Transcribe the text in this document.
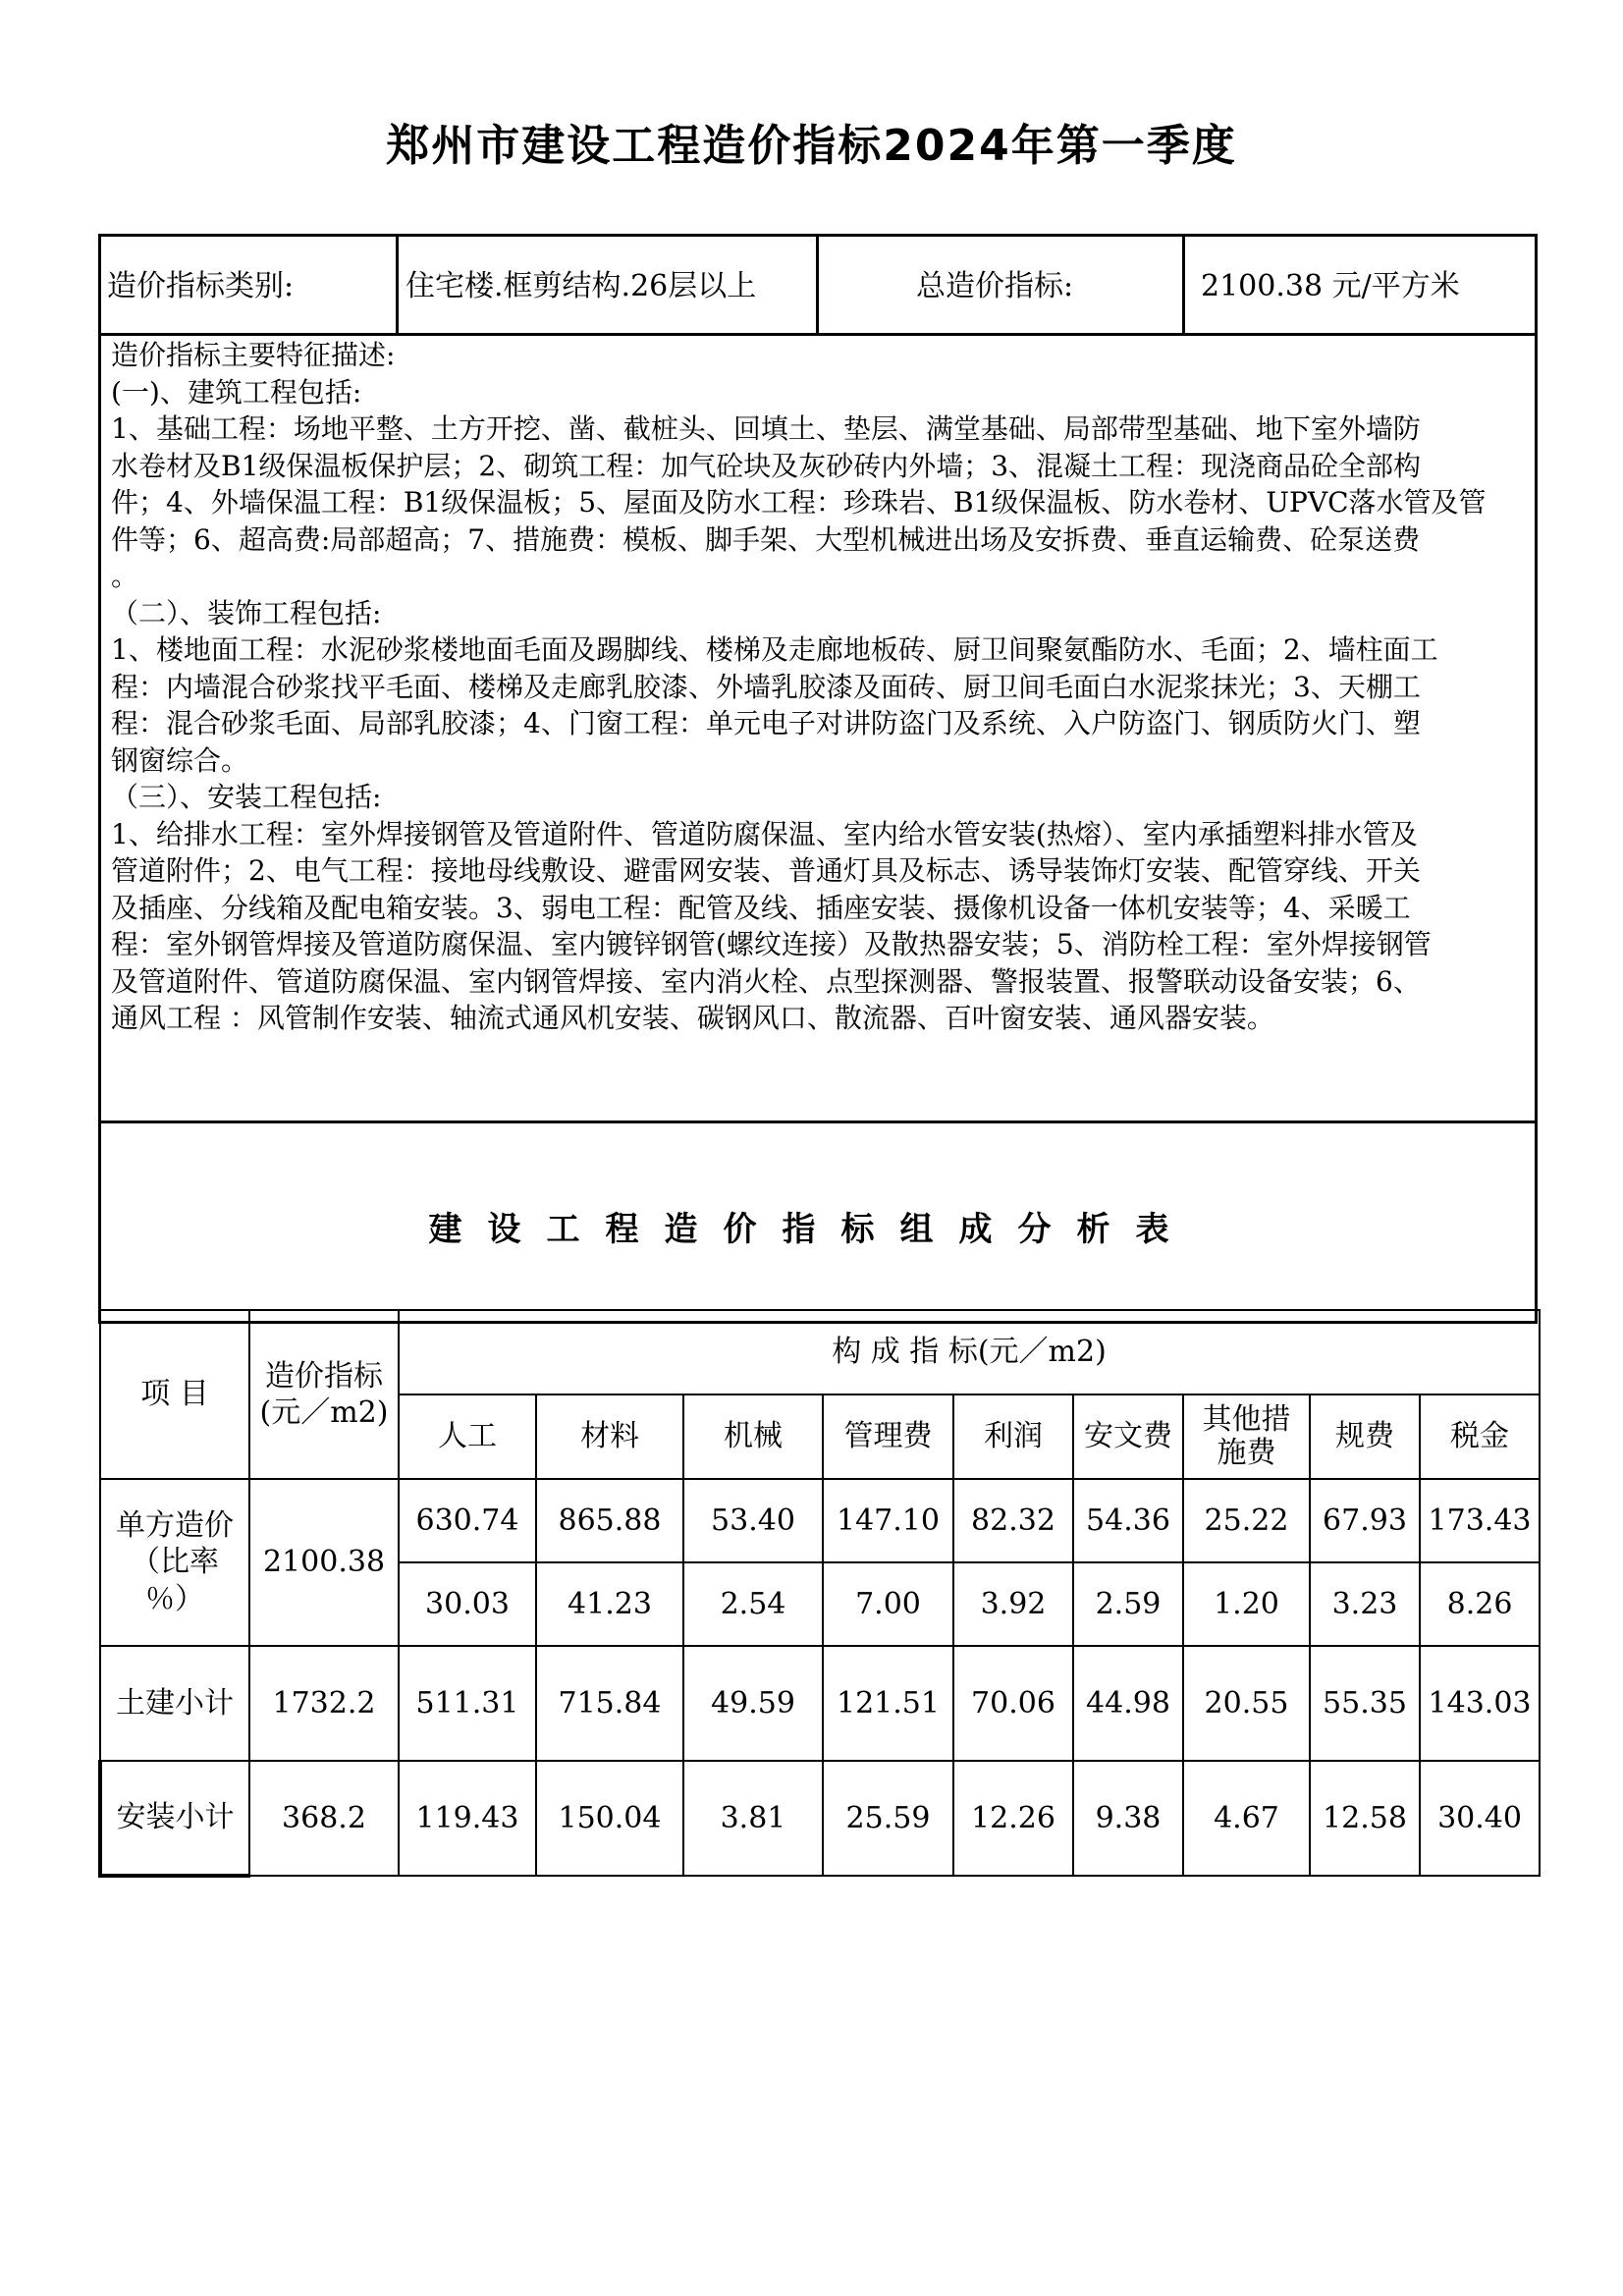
郑州市建设工程造价指标2024年第一季度
造价指标类别:	住宅楼.框剪结构.26层以上	总造价指标:	2100.38 元/平方米
造价指标主要特征描述:
(一)、建筑工程包括:
1、基础工程：场地平整、土方开挖、凿、截桩头、回填土、垫层、满堂基础、局部带型基础、地下室外墙防
水卷材及B1级保温板保护层；2、砌筑工程：加气砼块及灰砂砖内外墙；3、混凝土工程：现浇商品砼全部构
件；4、外墙保温工程：B1级保温板；5、屋面及防水工程：珍珠岩、B1级保温板、防水卷材、UPVC落水管及管
件等；6、超高费:局部超高；7、措施费：模板、脚手架、大型机械进出场及安拆费、垂直运输费、砼泵送费
。
（二）、装饰工程包括:
1、楼地面工程：水泥砂浆楼地面毛面及踢脚线、楼梯及走廊地板砖、厨卫间聚氨酯防水、毛面；2、墙柱面工
程：内墙混合砂浆找平毛面、楼梯及走廊乳胶漆、外墙乳胶漆及面砖、厨卫间毛面白水泥浆抹光；3、天棚工
程：混合砂浆毛面、局部乳胶漆；4、门窗工程：单元电子对讲防盗门及系统、入户防盗门、钢质防火门、塑
钢窗综合。
（三）、安装工程包括:
1、给排水工程：室外焊接钢管及管道附件、管道防腐保温、室内给水管安装(热熔）、室内承插塑料排水管及
管道附件；2、电气工程：接地母线敷设、避雷网安装、普通灯具及标志、诱导装饰灯安装、配管穿线、开关
及插座、分线箱及配电箱安装。3、弱电工程：配管及线、插座安装、摄像机设备一体机安装等；4、采暖工
程：室外钢管焊接及管道防腐保温、室内镀锌钢管(螺纹连接）及散热器安装；5、消防栓工程：室外焊接钢管
及管道附件、管道防腐保温、室内钢管焊接、室内消火栓、点型探测器、警报装置、报警联动设备安装；6、
通风工程 ：风管制作安装、轴流式通风机安装、碳钢风口、散流器、百叶窗安装、通风器安装。
建设工程造价指标组成分析表
项 目	造价指标
(元／m2)	构 成 指 标(元／m2)								
		人工	材料	机械	管理费	利润	安文费	其他措施费	规费	税金

单方造价
（比率
％）	2100.38	630.74	865.88	53.40	147.10	82.32	54.36	25.22	67.93	173.43
		30.03	41.23	2.54	7.00	3.92	2.59	1.20	3.23	8.26
土建小计	1732.2	511.31	715.84	49.59	121.51	70.06	44.98	20.55	55.35	143.03
安装小计	368.2	119.43	150.04	3.81	25.59	12.26	9.38	4.67	12.58	30.40
